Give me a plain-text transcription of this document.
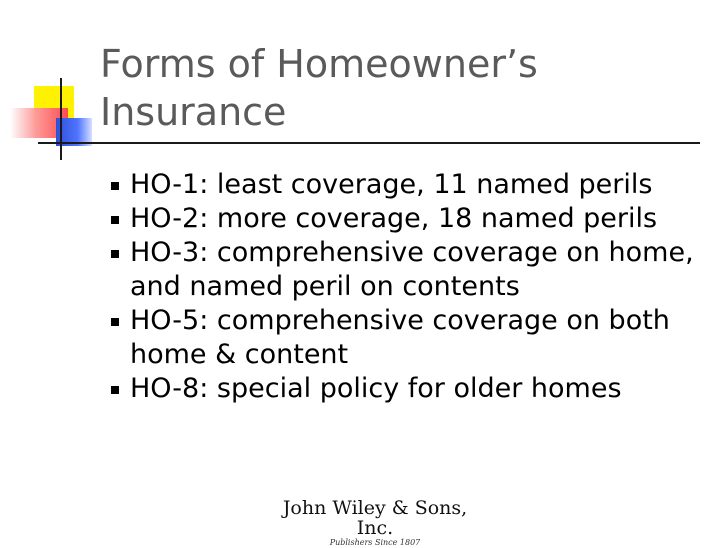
Forms of Homeowner’s Insurance
HO-1: least coverage, 11 named perils
HO-2: more coverage, 18 named perils
HO-3: comprehensive coverage on home, and named peril on contents
HO-5: comprehensive coverage on both home & content
HO-8: special policy for older homes
John Wiley & Sons, Inc.
Publishers Since 1807
